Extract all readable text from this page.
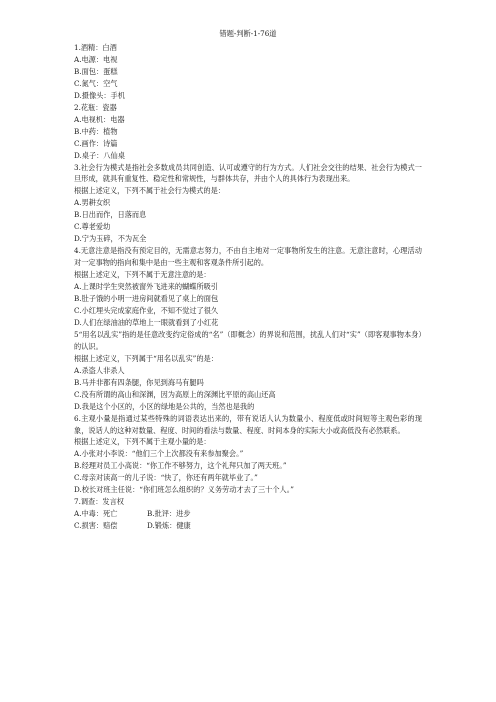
错题-判断-1-76道
1.酒精：白酒
A.电源：电视
B.面包：蛋糕
C.氮气：空气
D.摄像头：手机
2.花瓶：瓷器
A.电视机：电器
B.中药：植物
C.画作：诗篇
D.桌子：八仙桌
3.社会行为模式是指社会多数成员共同创造、认可或遵守的行为方式。人们社会交往的结果、社会行为模式一旦形成，就具有重复性、稳定性和常规性，与群体共存，并由个人的具体行为表现出来。
根据上述定义，下列不属于社会行为模式的是：
A.男耕女织
B.日出而作，日落而息
C.尊老爱幼
D.宁为玉碎，不为瓦全
4.无意注意是指没有预定目的，无需意志努力，不由自主地对一定事物所发生的注意。无意注意时，心理活动对一定事物的指向和集中是由一些主观和客观条件所引起的。
根据上述定义，下列不属于无意注意的是：
A.上课时学生突然被窗外飞进来的蝴蝶所吸引
B.肚子饿的小明一进房间就看见了桌上的面包
C.小红埋头完成家庭作业，不知不觉过了很久
D.人们在绿油油的草地上一眼就看到了小红花
5“用名以乱实”指的是任意改变约定俗成的“名”（即概念）的界说和范围，扰乱人们对“实”（即客观事物本身）的认识。
根据上述定义，下列属于“用名以乱实”的是：
A.杀盗人非杀人
B.马并非都有四条腿，你见到海马有腿吗
C.没有所谓的高山和深渊，因为高原上的深渊比平原的高山还高
D.我是这个小区的，小区的绿地是公共的，当然也是我的
6.主观小量是指通过某些特殊的词语表达出来的，带有说话人认为数量小、程度低或时间短等主观色彩的现象，说话人的这种对数量、程度、时间的看法与数量、程度、时间本身的实际大小或高低没有必然联系。
根据上述定义，下列不属于主观小量的是：
A.小张对小李说：“他们三个上次都没有来参加聚会。”
B.经理对员工小高说：“你工作不够努力，这个礼拜只加了两天班。”
C.母亲对读高一的儿子说：“快了，你还有两年就毕业了。”
D.校长对班主任说：“你们班怎么组织的？义务劳动才去了三十个人。”
7.调查：发言权
A.中毒：死亡	B.批评：进步
C.损害：赔偿	D.锻炼：健康
